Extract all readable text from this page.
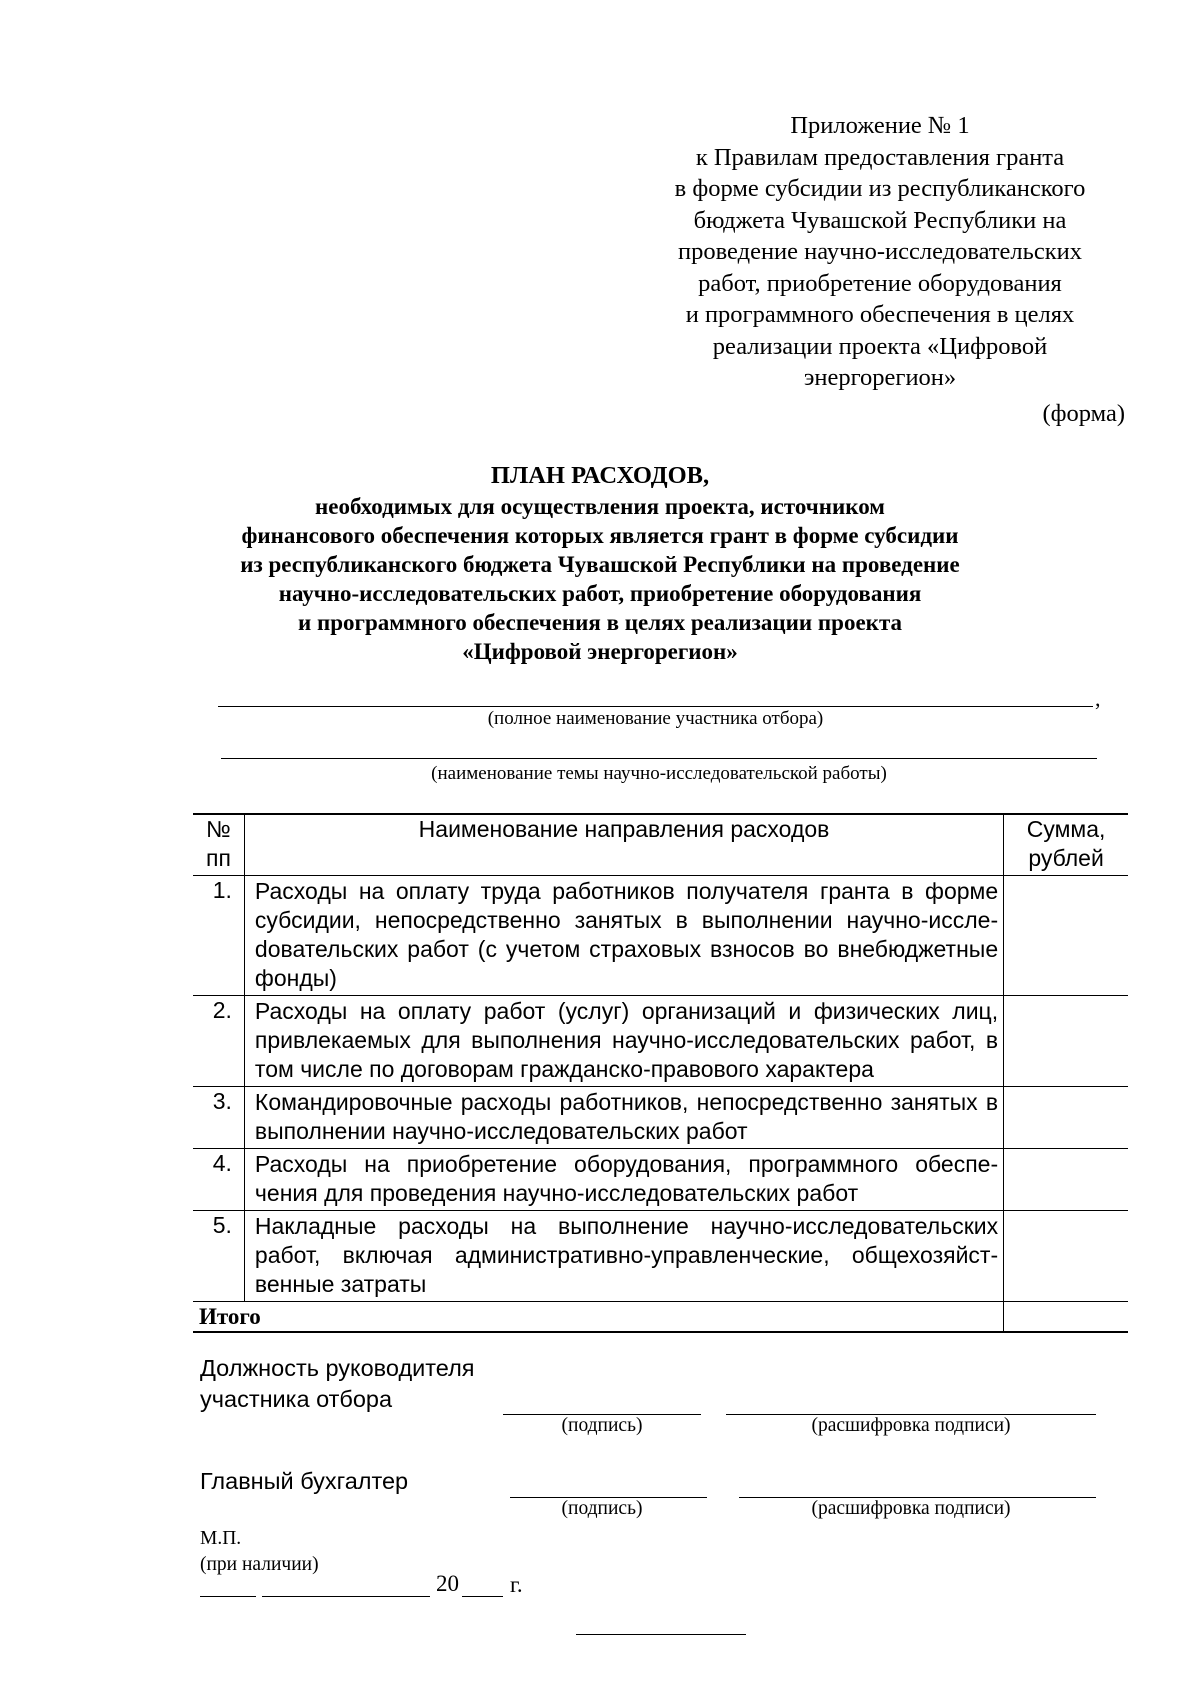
Приложение № 1
к Правилам предоставления гранта
в форме субсидии из республиканского
бюджета Чувашской Республики на
проведение научно-исследовательских
работ, приобретение оборудования
и программного обеспечения в целях
реализации проекта «Цифровой
энергорегион»
(форма)
ПЛАН РАСХОДОВ,
необходимых для осуществления проекта, источником
финансового обеспечения которых является грант в форме субсидии
из республиканского бюджета Чувашской Республики на проведение
научно-исследовательских работ, приобретение оборудования
и программного обеспечения в целях реализации проекта
«Цифровой энергорегион»
,
(полное наименование участника отбора)
(наименование темы научно-исследовательской работы)
№ пп	Наименование направления расходов	Сумма, рублей
1.	Расходы на оплату труда работников получателя гранта в форме субсидии, непосредственно занятых в выполнении научно-исслеdовательских работ (с учетом страховых взносов во внебюджетные фонды)	
2.	Расходы на оплату работ (услуг) организаций и физических лиц, привлекаемых для выполнения научно-исследовательских работ, в том числе по договорам гражданско-правового характера	
3.	Командировочные расходы работников, непосредственно занятых в выполнении научно-исследовательских работ	
4.	Расходы на приобретение оборудования, программного обеспечения для проведения научно-исследовательских работ	
5.	Накладные расходы на выполнение научно-исследовательских работ, включая административно-управленческие, общехозяйственные затраты	
Итого		
Должность руководителя
участника отбора
(подпись)	(расшифровка подписи)
Главный бухгалтер
(подпись)	(расшифровка подписи)
М.П.
(при наличии)
20 г.
